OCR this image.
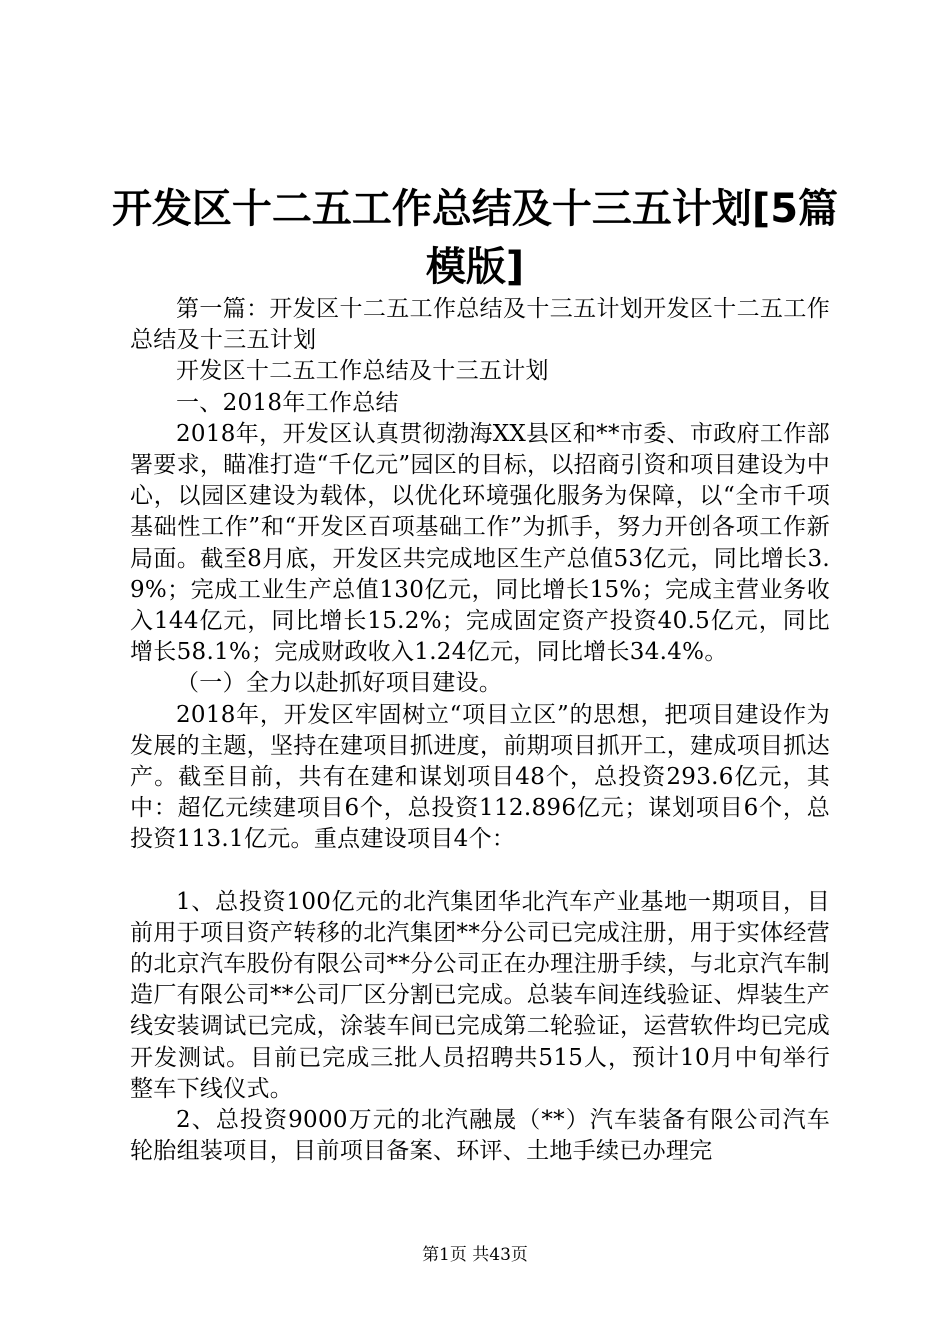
开发区十二五工作总结及十三五计划[5篇模版]

第一篇：开发区十二五工作总结及十三五计划开发区十二五工作总结及十三五计划

开发区十二五工作总结及十三五计划

一、2018年工作总结

2018年，开发区认真贯彻渤海XX县区和**市委、市政府工作部署要求，瞄准打造“千亿元”园区的目标，以招商引资和项目建设为中心，以园区建设为载体，以优化环境强化服务为保障，以“全市千项基础性工作”和“开发区百项基础工作”为抓手，努力开创各项工作新局面。截至8月底，开发区共完成地区生产总值53亿元，同比增长3.9%；完成工业生产总值130亿元，同比增长15%；完成主营业务收入144亿元，同比增长15.2%；完成固定资产投资40.5亿元，同比增长58.1%；完成财政收入1.24亿元，同比增长34.4%。

（一）全力以赴抓好项目建设。

2018年，开发区牢固树立“项目立区”的思想，把项目建设作为发展的主题，坚持在建项目抓进度，前期项目抓开工，建成项目抓达产。截至目前，共有在建和谋划项目48个，总投资293.6亿元，其中：超亿元续建项目6个，总投资112.896亿元；谋划项目6个，总投资113.1亿元。重点建设项目4个：

1、总投资100亿元的北汽集团华北汽车产业基地一期项目，目前用于项目资产转移的北汽集团**分公司已完成注册，用于实体经营的北京汽车股份有限公司**分公司正在办理注册手续，与北京汽车制造厂有限公司**公司厂区分割已完成。总装车间连线验证、焊装生产线安装调试已完成，涂装车间已完成第二轮验证，运营软件均已完成开发测试。目前已完成三批人员招聘共515人，预计10月中旬举行整车下线仪式。

2、总投资9000万元的北汽融晟（**）汽车装备有限公司汽车轮胎组装项目，目前项目备案、环评、土地手续已办理完

第1页 共43页
